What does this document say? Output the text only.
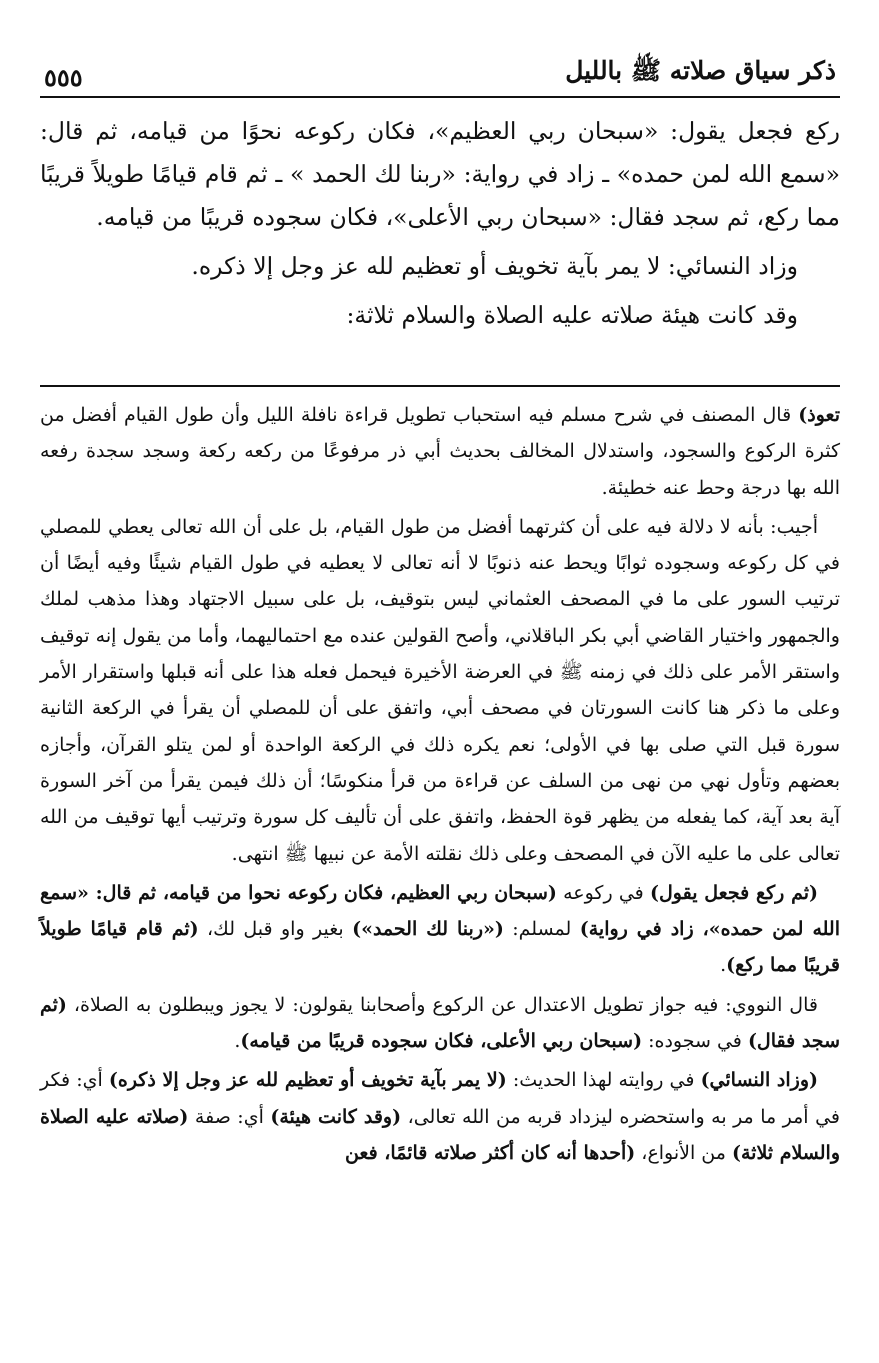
ذكر سياق صلاته ﷺ بالليل
٥٥٥

ركع فجعل يقول: «سبحان ربي العظيم»، فكان ركوعه نحوًا من قيامه، ثم قال: «سمع الله لمن حمده» ـ زاد في رواية: «ربنا لك الحمد » ـ ثم قام قيامًا طويلاً قريبًا مما ركع، ثم سجد فقال: «سبحان ربي الأعلى»، فكان سجوده قريبًا من قيامه.

وزاد النسائي: لا يمر بآية تخويف أو تعظيم لله عز وجل إلا ذكره.

وقد كانت هيئة صلاته عليه الصلاة والسلام ثلاثة:

تعوذ) قال المصنف في شرح مسلم فيه استحباب تطويل قراءة نافلة الليل وأن طول القيام أفضل من كثرة الركوع والسجود، واستدلال المخالف بحديث أبي ذر مرفوعًا من ركعه ركعة وسجد سجدة رفعه الله بها درجة وحط عنه خطيئة.

أجيب: بأنه لا دلالة فيه على أن كثرتهما أفضل من طول القيام، بل على أن الله تعالى يعطي للمصلي في كل ركوعه وسجوده ثوابًا ويحط عنه ذنوبًا لا أنه تعالى لا يعطيه في طول القيام شيئًا وفيه أيضًا أن ترتيب السور على ما في المصحف العثماني ليس بتوقيف، بل على سبيل الاجتهاد وهذا مذهب لملك والجمهور واختيار القاضي أبي بكر الباقلاني، وأصح القولين عنده مع احتماليهما، وأما من يقول إنه توقيف واستقر الأمر على ذلك في زمنه ﷺ في العرضة الأخيرة فيحمل فعله هذا على أنه قبلها واستقرار الأمر وعلى ما ذكر هنا كانت السورتان في مصحف أبي، واتفق على أن للمصلي أن يقرأ في الركعة الثانية سورة قبل التي صلى بها في الأولى؛ نعم يكره ذلك في الركعة الواحدة أو لمن يتلو القرآن، وأجازه بعضهم وتأول نهي من نهى من السلف عن قراءة من قرأ منكوسًا؛ أن ذلك فيمن يقرأ من آخر السورة آية بعد آية، كما يفعله من يظهر قوة الحفظ، واتفق على أن تأليف كل سورة وترتيب أيها توقيف من الله تعالى على ما عليه الآن في المصحف وعلى ذلك نقلته الأمة عن نبيها ﷺ انتهى.

(ثم ركع فجعل يقول) في ركوعه (سبحان ربي العظيم، فكان ركوعه نحوا من قيامه، ثم قال: «سمع الله لمن حمده»، زاد في رواية) لمسلم: («ربنا لك الحمد») بغير واو قبل لك، (ثم قام قيامًا طويلاً قريبًا مما ركع).

قال النووي: فيه جواز تطويل الاعتدال عن الركوع وأصحابنا يقولون: لا يجوز ويبطلون به الصلاة، (ثم سجد فقال) في سجوده: (سبحان ربي الأعلى، فكان سجوده قريبًا من قيامه).

(وزاد النسائي) في روايته لهذا الحديث: (لا يمر بآية تخويف أو تعظيم لله عز وجل إلا ذكره) أي: فكر في أمر ما مر به واستحضره ليزداد قربه من الله تعالى، (وقد كانت هيئة) أي: صفة (صلاته عليه الصلاة والسلام ثلاثة) من الأنواع، (أحدها أنه كان أكثر صلاته قائمًا، فعن
